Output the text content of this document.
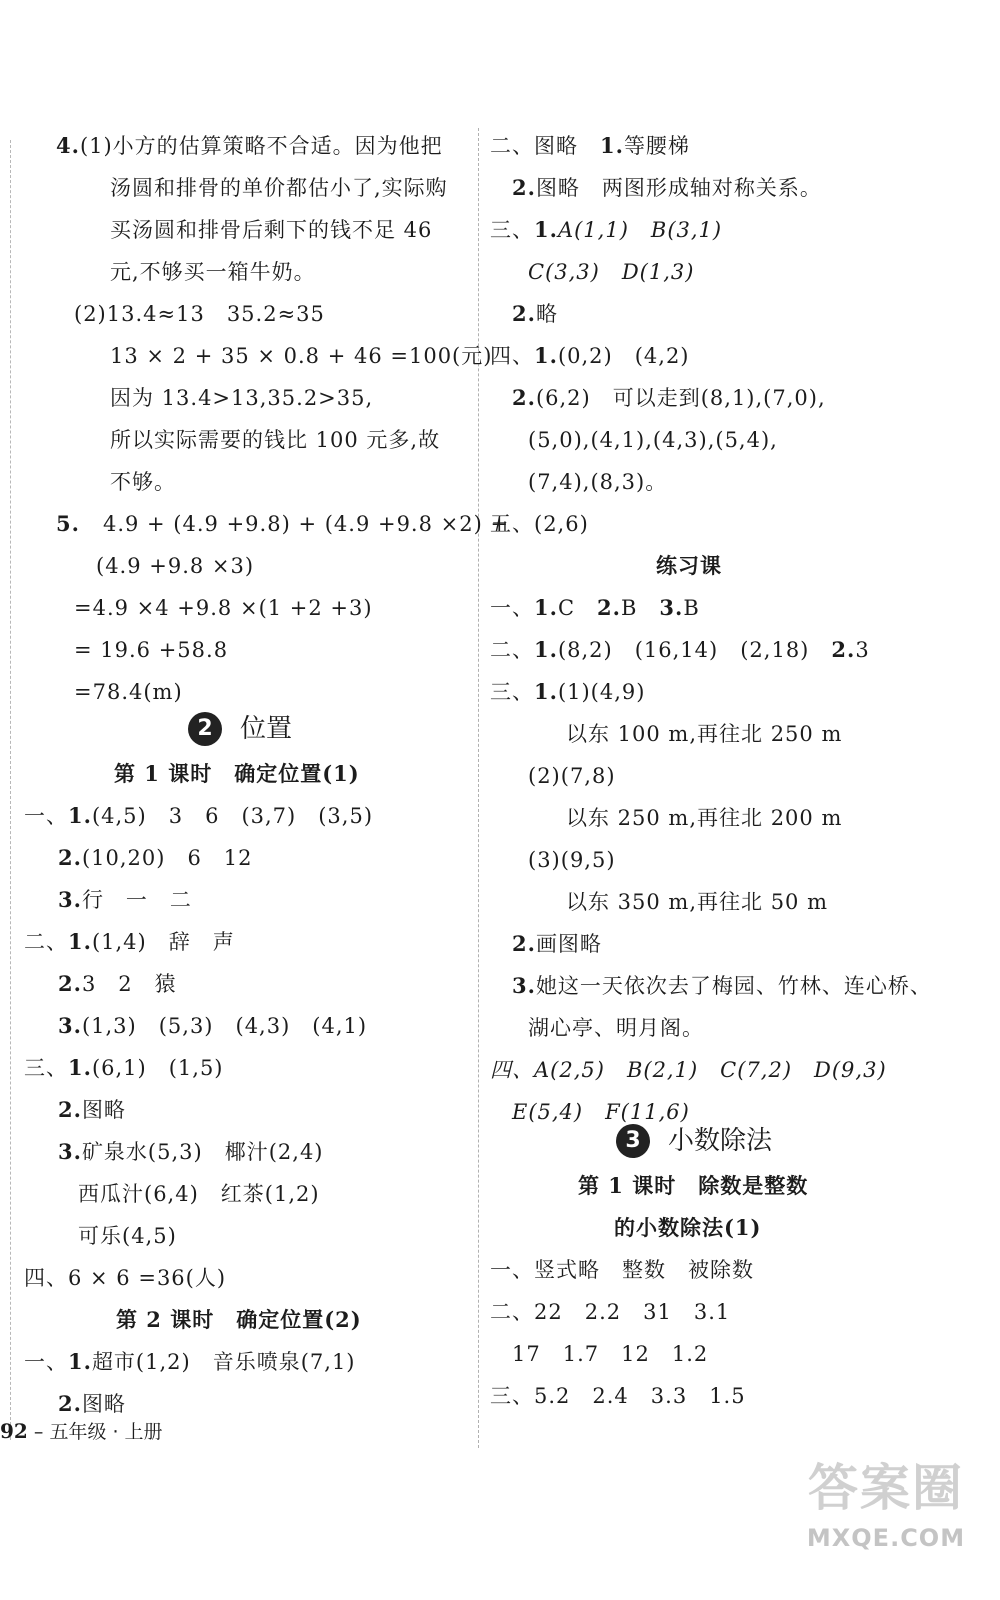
4.(1)小方的估算策略不合适。因为他把
汤圆和排骨的单价都估小了,实际购
买汤圆和排骨后剩下的钱不足 46
元,不够买一箱牛奶。
(2)13.4≈13　35.2≈35
13 × 2 + 35 × 0.8 + 46 =100(元)
因为 13.4>13,35.2>35,
所以实际需要的钱比 100 元多,故
不够。
5. 4.9 + (4.9 +9.8) + (4.9 +9.8 ×2) +
(4.9 +9.8 ×3)
=4.9 ×4 +9.8 ×(1 +2 +3)
= 19.6 +58.8
=78.4(m)
2	位置
第 1 课时　确定位置(1)
一、1.(4,5)　3　6　(3,7)　(3,5)
2.(10,20)　6　12
3.行　一　二
二、1.(1,4)　辞　声
2.3　2　猿
3.(1,3)　(5,3)　(4,3)　(4,1)
三、1.(6,1)　(1,5)
2.图略
3.矿泉水(5,3)　椰汁(2,4)
西瓜汁(6,4)　红茶(1,2)
可乐(4,5)
四、6 × 6 =36(人)
第 2 课时　确定位置(2)
一、1.超市(1,2)　音乐喷泉(7,1)
2.图略
二、图略　1.等腰梯
2.图略　两图形成轴对称关系。
三、1.A(1,1)　B(3,1)
C(3,3)　D(1,3)
2.略
四、1.(0,2)　(4,2)
2.(6,2)　可以走到(8,1),(7,0),
(5,0),(4,1),(4,3),(5,4),
(7,4),(8,3)。
五、(2,6)
练习课
一、1.C　2.B　3.B
二、1.(8,2)　(16,14)　(2,18)　2.3
三、1.(1)(4,9)
以东 100 m,再往北 250 m
(2)(7,8)
以东 250 m,再往北 200 m
(3)(9,5)
以东 350 m,再往北 50 m
2.画图略
3.她这一天依次去了梅园、竹林、连心桥、
湖心亭、明月阁。
四、A(2,5)　B(2,1)　C(7,2)　D(9,3)
E(5,4)　F(11,6)
3	小数除法
第 1 课时　除数是整数
的小数除法(1)
一、竖式略　整数　被除数
二、22　2.2　31　3.1
17　1.7　12　1.2
三、5.2　2.4　3.3　1.5
92 – 五年级 · 上册
答案圈
MXQE.COM
